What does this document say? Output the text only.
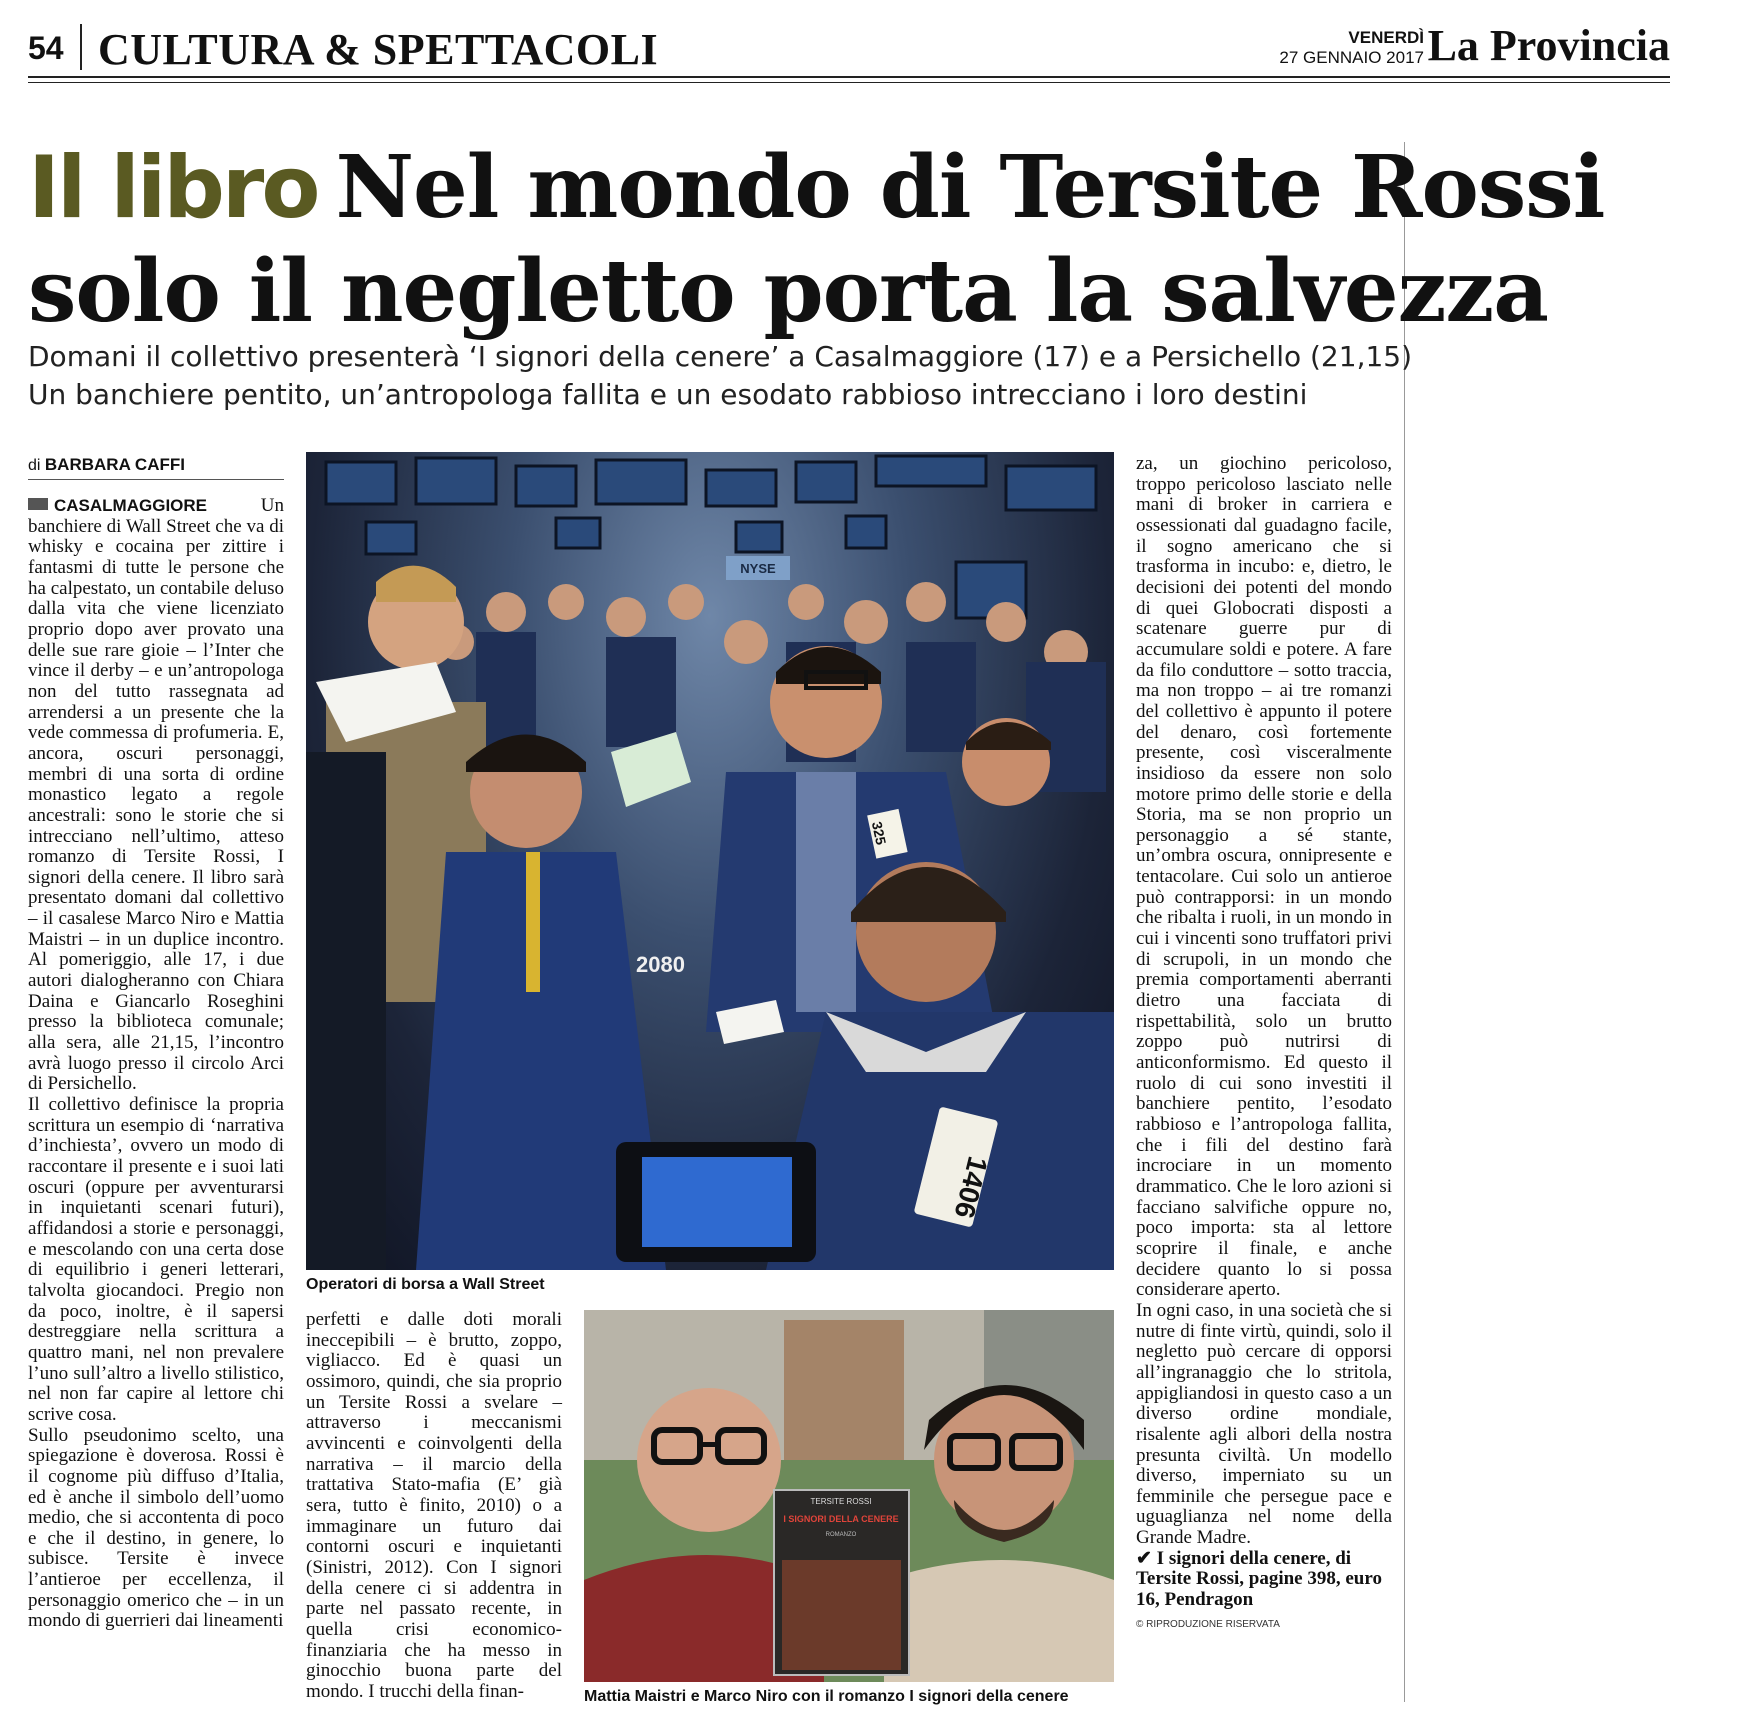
54 CULTURA & SPETTACOLI	VENERDÌ
27 GENNAIO 2017 La Provincia
Il libro Nel mondo di Tersite Rossi
solo il negletto porta la salvezza
Domani il collettivo presenterà ‘I signori della cenere’ a Casalmaggiore (17) e a Persichello (21,15)
Un banchiere pentito, un’antropologa fallita e un esodato rabbioso intrecciano i loro destini
di BARBARA CAFFI

CASALMAGGIORE	Un banchiere di Wall Street che va di whisky e cocaina per zittire i fantasmi di tutte le persone che ha calpestato, un contabile deluso dalla vita che viene licenziato proprio dopo aver provato una delle sue rare gioie – l’Inter che vince il derby – e un’antropologa non del tutto rassegnata ad arrendersi a un presente che la vede commessa di profumeria. E, ancora, oscuri personaggi, membri di una sorta di ordine monastico legato a regole ancestrali: sono le storie che si intrecciano nell’ultimo, atteso romanzo di Tersite Rossi, I signori della cenere. Il libro sarà presentato domani dal collettivo – il casalese Marco Niro e Mattia Maistri – in un duplice incontro. Al pomeriggio, alle 17, i due autori dialogheranno con Chiara Daina e Giancarlo Roseghini presso la biblioteca comunale; alla sera, alle 21,15, l’incontro avrà luogo presso il circolo Arci di Persichello.

Il collettivo definisce la propria scrittura un esempio di ‘narrativa d’inchiesta’, ovvero un modo di raccontare il presente e i suoi lati oscuri (oppure per avventurarsi in inquietanti scenari futuri), affidandosi a storie e personaggi, e mescolando con una certa dose di equilibrio i generi letterari, talvolta giocandoci. Pregio non da poco, inoltre, è il sapersi destreggiare nella scrittura a quattro mani, nel non prevalere l’uno sull’altro a livello stilistico, nel non far capire al lettore chi scrive cosa.

Sullo pseudonimo scelto, una spiegazione è doverosa. Rossi è il cognome più diffuso d’Italia, ed è anche il simbolo dell’uomo medio, che si accontenta di poco e che il destino, in genere, lo subisce. Tersite è invece l’antieroe per eccellenza, il personaggio omerico che – in un mondo di guerrieri dai lineamenti

perfetti e dalle doti morali ineccepibili – è brutto, zoppo, vigliacco. Ed è quasi un ossimoro, quindi, che sia proprio un Tersite Rossi a svelare – attraverso i meccanismi avvincenti e coinvolgenti della narrativa – il marcio della trattativa Stato-mafia (E’ già sera, tutto è finito, 2010) o a immaginare un futuro dai contorni oscuri e inquietanti (Sinistri, 2012). Con I signori della cenere ci si addentra in parte nel passato recente, in quella crisi economico-finanziaria che ha messo in ginocchio buona parte del mondo. I trucchi della finan-

za, un giochino pericoloso, troppo pericoloso lasciato nelle mani di broker in carriera e ossessionati dal guadagno facile, il sogno americano che si trasforma in incubo: e, dietro, le decisioni dei potenti del mondo di quei Globocrati disposti a scatenare guerre pur di accumulare soldi e potere. A fare da filo conduttore – sotto traccia, ma non troppo – ai tre romanzi del collettivo è appunto il potere del denaro, così fortemente presente, così visceralmente insidioso da essere non solo motore primo delle storie e della Storia, ma se non proprio un personaggio a sé stante, un’ombra oscura, onnipresente e tentacolare. Cui solo un antieroe può contrapporsi: in un mondo che ribalta i ruoli, in un mondo in cui i vincenti sono truffatori privi di scrupoli, in un mondo che premia comportamenti aberranti dietro una facciata di rispettabilità, solo un brutto zoppo può nutrirsi di anticonformismo. Ed questo il ruolo di cui sono investiti il banchiere pentito, l’esodato rabbioso e l’antropologa fallita, che i fili del destino farà incrociare in un momento drammatico. Che le loro azioni si facciano salvifiche oppure no, poco importa: sta al lettore scoprire il finale, e anche decidere quanto lo si possa considerare aperto.

In ogni caso, in una società che si nutre di finte virtù, quindi, solo il negletto può cercare di opporsi all’ingranaggio che lo stritola, appigliandosi in questo caso a un diverso ordine mondiale, risalente agli albori della nostra presunta civiltà. Un modello diverso, imperniato su un femminile che persegue pace e uguaglianza nel nome della Grande Madre.

✔ I signori della cenere, di Tersite Rossi, pagine 398, euro 16, Pendragon

© RIPRODUZIONE RISERVATA
NYSE
2080
325
1406
Operatori di borsa a Wall Street
TERSITE ROSSI
I SIGNORI DELLA CENERE
ROMANZO
Mattia Maistri e Marco Niro con il romanzo I signori della cenere
